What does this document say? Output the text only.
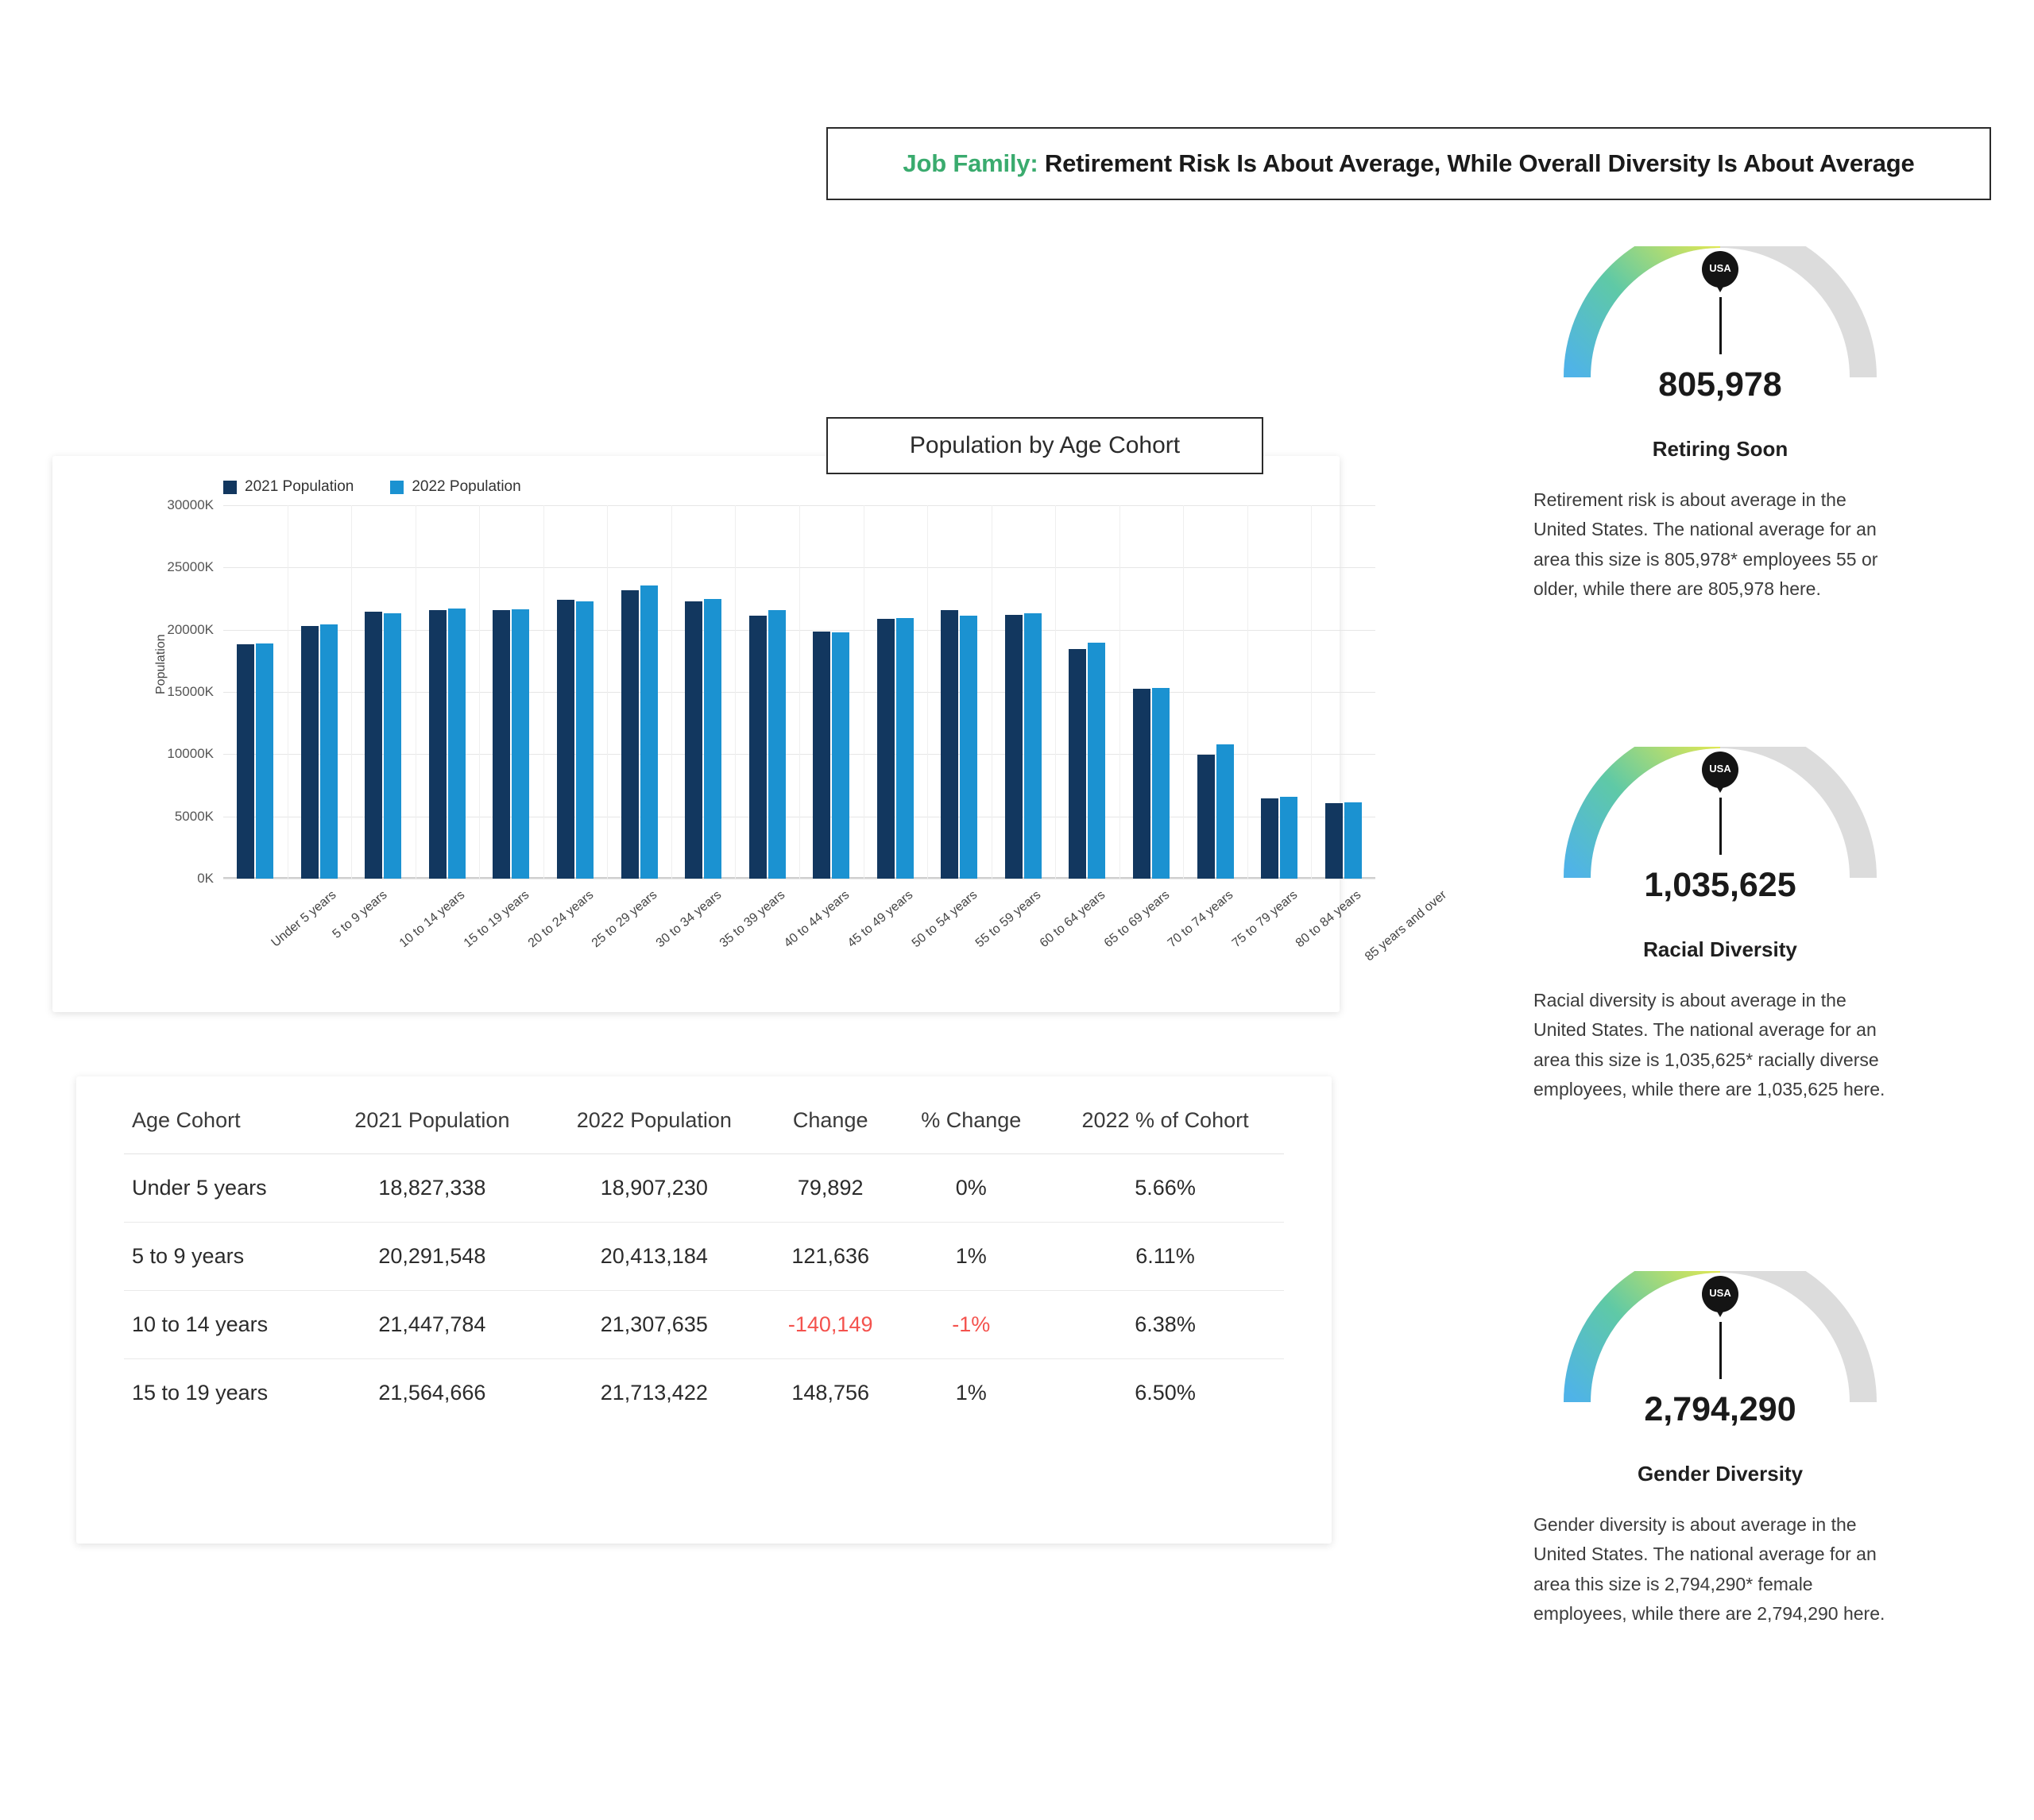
Job Family: Retirement Risk Is About Average, While Overall Diversity Is About Average
Population by Age Cohort
2021 Population	2022 Population
Population
0K
5000K
10000K
15000K
20000K
25000K
30000K
Under 5 years
5 to 9 years 10 to 14 years
15 to 19 years
20 to 24 years
25 to 29 years
30 to 34 years
35 to 39 years
40 to 44 years
45 to 49 years
50 to 54 years
55 to 59 years
60 to 64 years
65 to 69 years
70 to 74 years
75 to 79 years
80 to 84 years
85 years and over
Age Cohort	2021 Population	2022 Population	Change	% Change	2022 % of Cohort
Under 5 years	18,827,338	18,907,230	79,892	0%	5.66%
5 to 9 years	20,291,548	20,413,184	121,636	1%	6.11%
10 to 14 years	21,447,784	21,307,635	-140,149	-1%	6.38%
15 to 19 years	21,564,666	21,713,422	148,756	1%	6.50%
USA
805,978
Retiring Soon
Retirement risk is about average in the United States. The national average for an area this size is 805,978* employees 55 or older, while there are 805,978 here.
USA
1,035,625
Racial Diversity
Racial diversity is about average in the United States. The national average for an area this size is 1,035,625* racially diverse employees, while there are 1,035,625 here.
USA
2,794,290
Gender Diversity
Gender diversity is about average in the United States. The national average for an area this size is 2,794,290* female employees, while there are 2,794,290 here.
